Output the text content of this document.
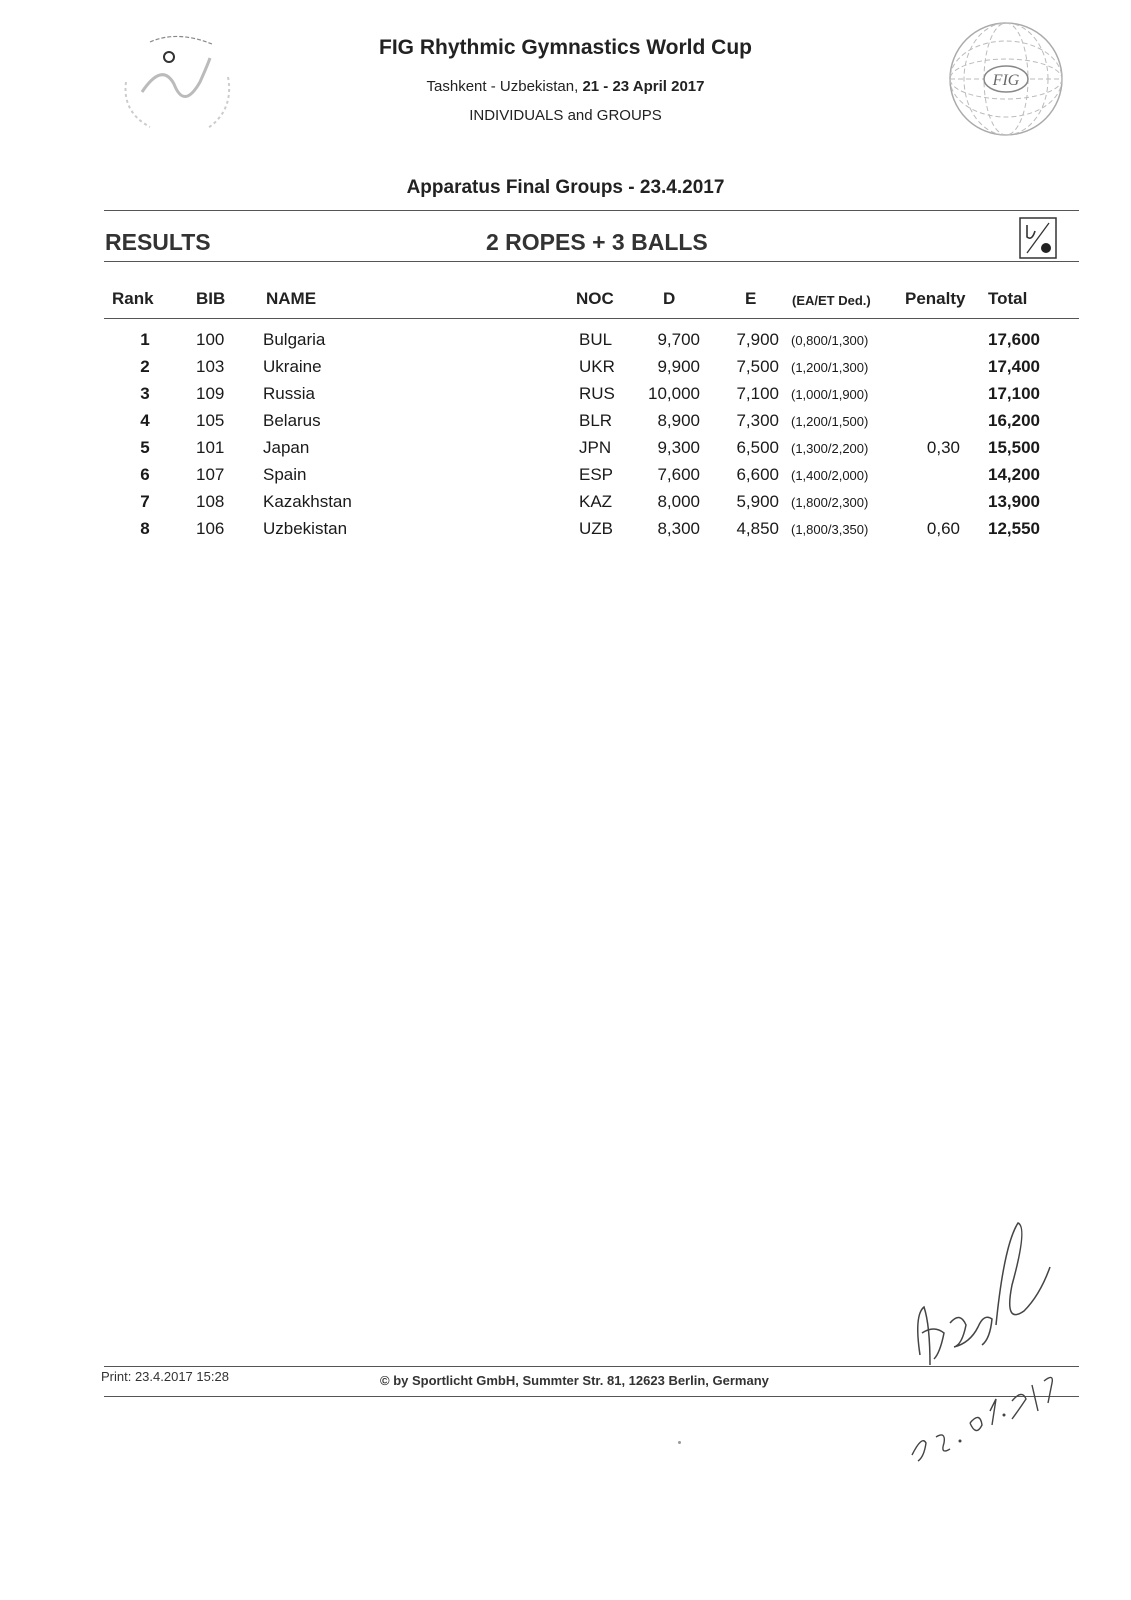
FIG
FIG Rhythmic Gymnastics World Cup
Tashkent - Uzbekistan, 21 - 23 April 2017
INDIVIDUALS and GROUPS
Apparatus Final Groups - 23.4.2017
RESULTS	2 ROPES + 3 BALLS
Rank BIB NAME	NOC	D	E	(EA/ET Ded.) Penalty Total
1	100 Bulgaria	BUL	9,700	7,900 (0,800/1,300)	17,600
2	103 Ukraine	UKR	9,900	7,500 (1,200/1,300)	17,400
3	109 Russia	RUS	10,000	7,100 (1,000/1,900)	17,100
4	105 Belarus	BLR	8,900	7,300 (1,200/1,500)	16,200
5	101 Japan	JPN	9,300	6,500 (1,300/2,200)	0,30	15,500
6	107 Spain	ESP	7,600	6,600 (1,400/2,000)	14,200
7	108 Kazakhstan	KAZ	8,000	5,900 (1,800/2,300)	13,900
8	106 Uzbekistan	UZB	8,300	4,850 (1,800/3,350)	0,60	12,550
Print: 23.4.2017 15:28	© by Sportlicht GmbH, Summter Str. 81, 12623 Berlin, Germany
